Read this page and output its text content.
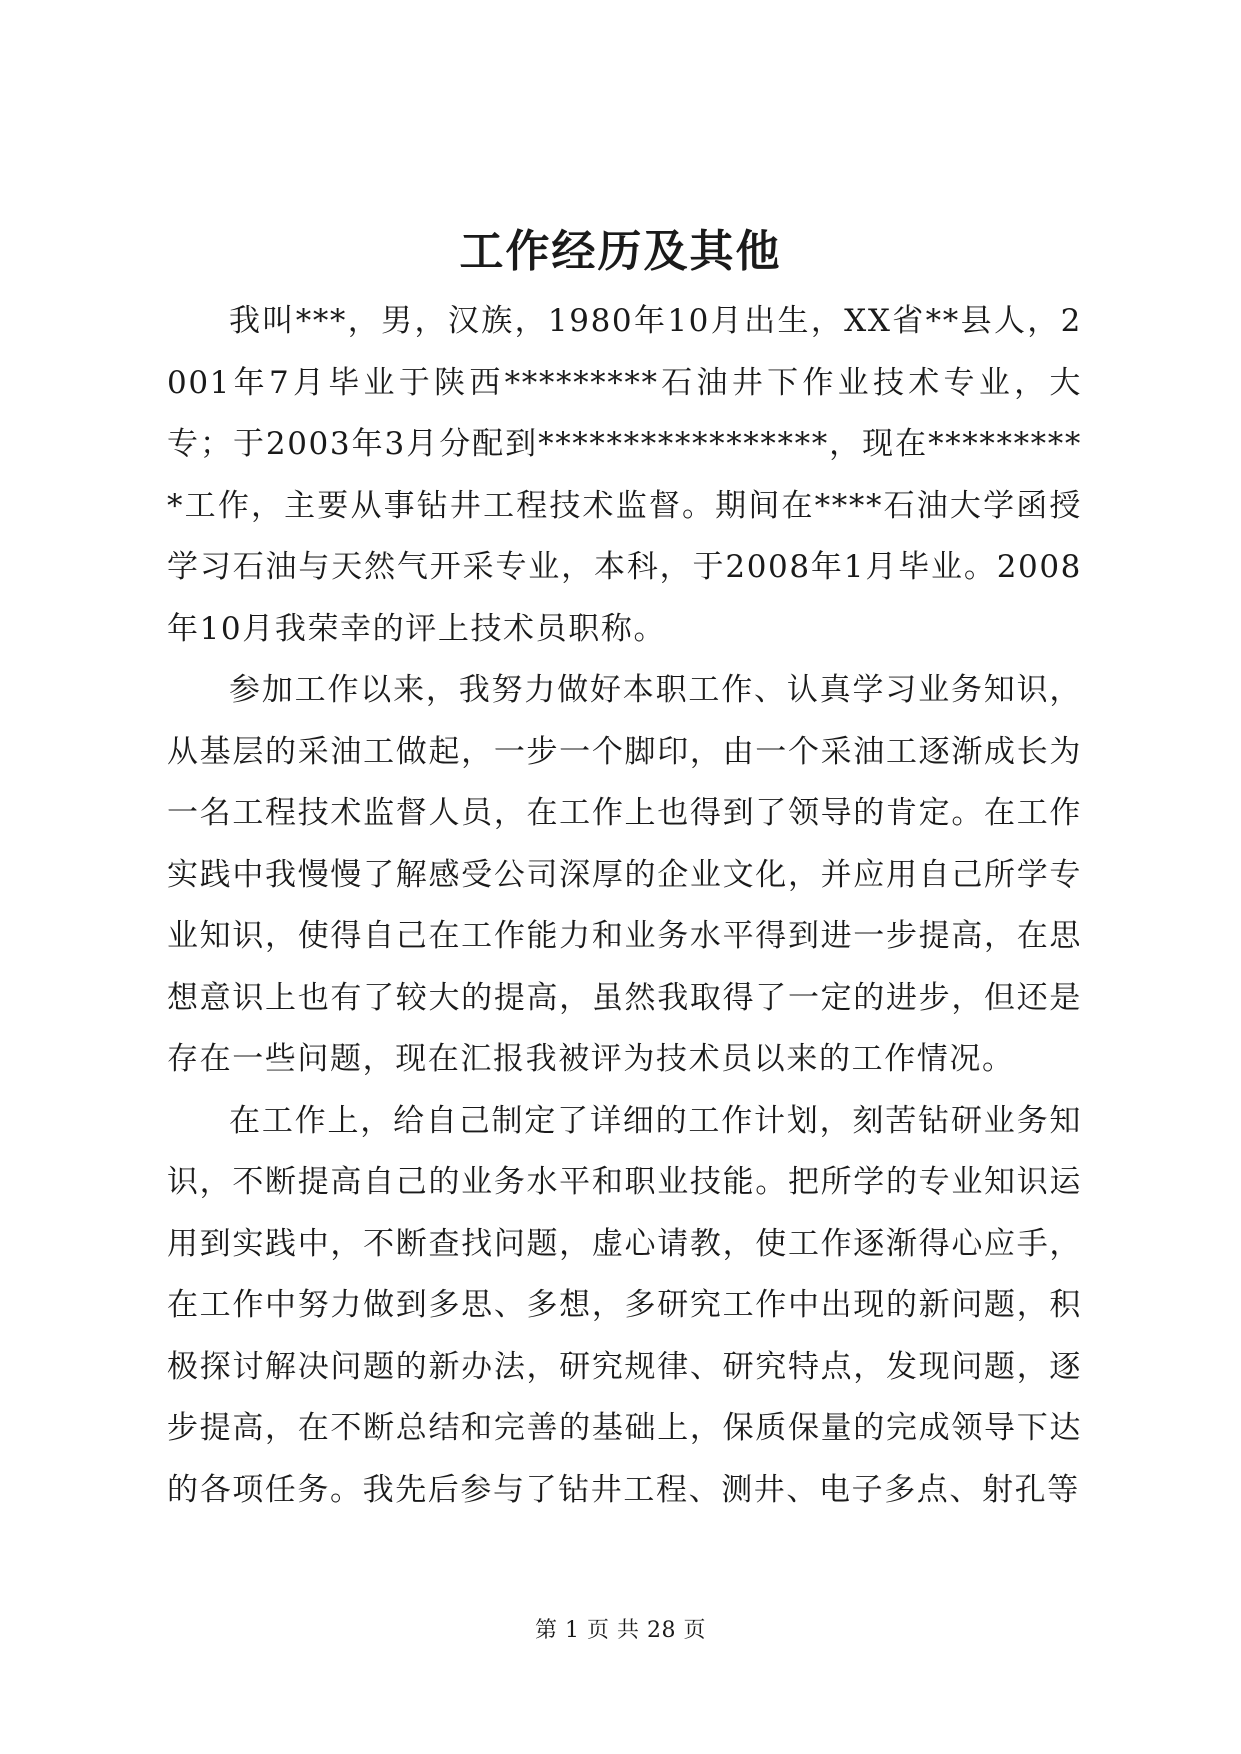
工作经历及其他

我叫***，男，汉族，1980年10月出生，XX省**县人，2001年7月毕业于陕西*********石油井下作业技术专业，大专；于2003年3月分配到*****************，现在**********工作，主要从事钻井工程技术监督。期间在****石油大学函授学习石油与天然气开采专业，本科，于2008年1月毕业。2008年10月我荣幸的评上技术员职称。

参加工作以来，我努力做好本职工作、认真学习业务知识，从基层的采油工做起，一步一个脚印，由一个采油工逐渐成长为一名工程技术监督人员，在工作上也得到了领导的肯定。在工作实践中我慢慢了解感受公司深厚的企业文化，并应用自己所学专业知识，使得自己在工作能力和业务水平得到进一步提高，在思想意识上也有了较大的提高，虽然我取得了一定的进步，但还是存在一些问题，现在汇报我被评为技术员以来的工作情况。

在工作上，给自己制定了详细的工作计划，刻苦钻研业务知识，不断提高自己的业务水平和职业技能。把所学的专业知识运用到实践中，不断查找问题，虚心请教，使工作逐渐得心应手，在工作中努力做到多思、多想，多研究工作中出现的新问题，积极探讨解决问题的新办法，研究规律、研究特点，发现问题，逐步提高，在不断总结和完善的基础上，保质保量的完成领导下达的各项任务。我先后参与了钻井工程、测井、电子多点、射孔等

第 1 页 共 28 页
